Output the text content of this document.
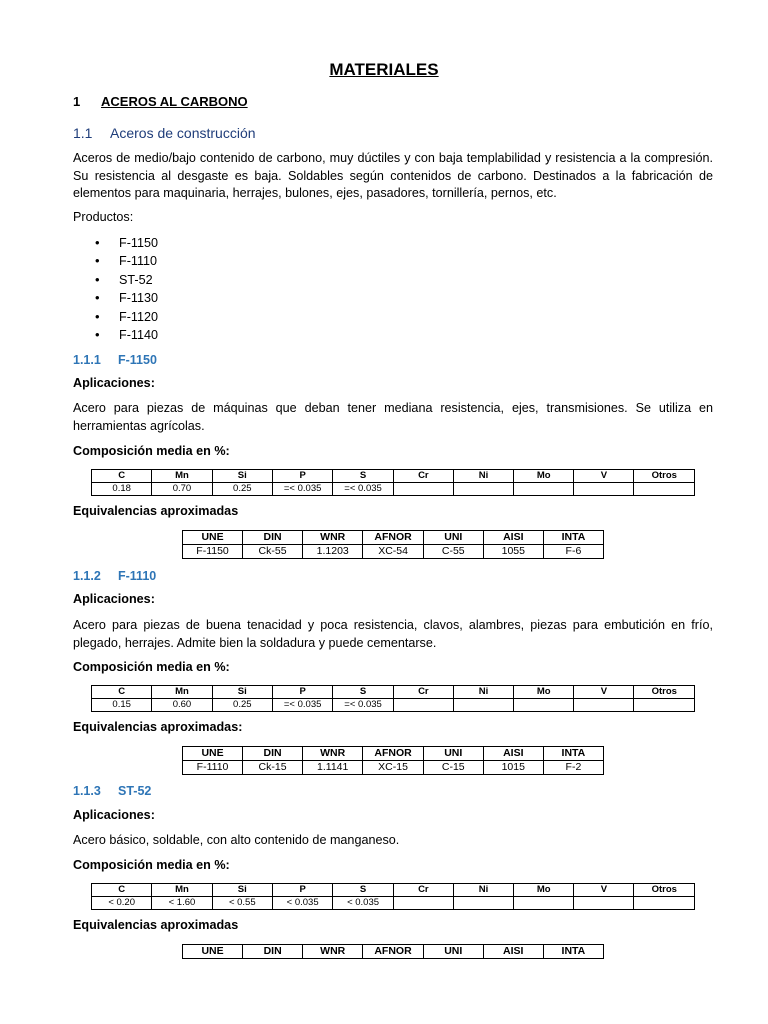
MATERIALES
1 ACEROS AL CARBONO
1.1 Aceros de construcción
Aceros de medio/bajo contenido de carbono, muy dúctiles y con baja templabilidad y resistencia a la compresión. Su resistencia al desgaste es baja. Soldables según contenidos de carbono. Destinados a la fabricación de elementos para maquinaria, herrajes, bulones, ejes, pasadores, tornillería, pernos, etc.
Productos:
• F-1150
• F-1110
• ST-52
• F-1130
• F-1120
• F-1140
1.1.1 F-1150
Aplicaciones:
Acero para piezas de máquinas que deban tener mediana resistencia, ejes, transmisiones. Se utiliza en herramientas agrícolas.
Composición media en %:
C	Mn	Si	P	S	Cr	Ni	Mo	V	Otros
0.18	0.70	0.25	=< 0.035	=< 0.035					
Equivalencias aproximadas
UNE	DIN	WNR	AFNOR	UNI	AISI	INTA
F-1150	Ck-55	1.1203	XC-54	C-55	1055	F-6
1.1.2 F-1110
Aplicaciones:
Acero para piezas de buena tenacidad y poca resistencia, clavos, alambres, piezas para embutición en frío, plegado, herrajes. Admite bien la soldadura y puede cementarse.
Composición media en %:
C	Mn	Si	P	S	Cr	Ni	Mo	V	Otros
0.15	0.60	0.25	=< 0.035	=< 0.035					
Equivalencias aproximadas:
UNE	DIN	WNR	AFNOR	UNI	AISI	INTA
F-1110	Ck-15	1.1141	XC-15	C-15	1015	F-2
1.1.3 ST-52
Aplicaciones:
Acero básico, soldable, con alto contenido de manganeso.
Composición media en %:
C	Mn	Si	P	S	Cr	Ni	Mo	V	Otros
< 0.20	< 1.60	< 0.55	< 0.035	< 0.035					
Equivalencias aproximadas
UNE	DIN	WNR	AFNOR	UNI	AISI	INTA
